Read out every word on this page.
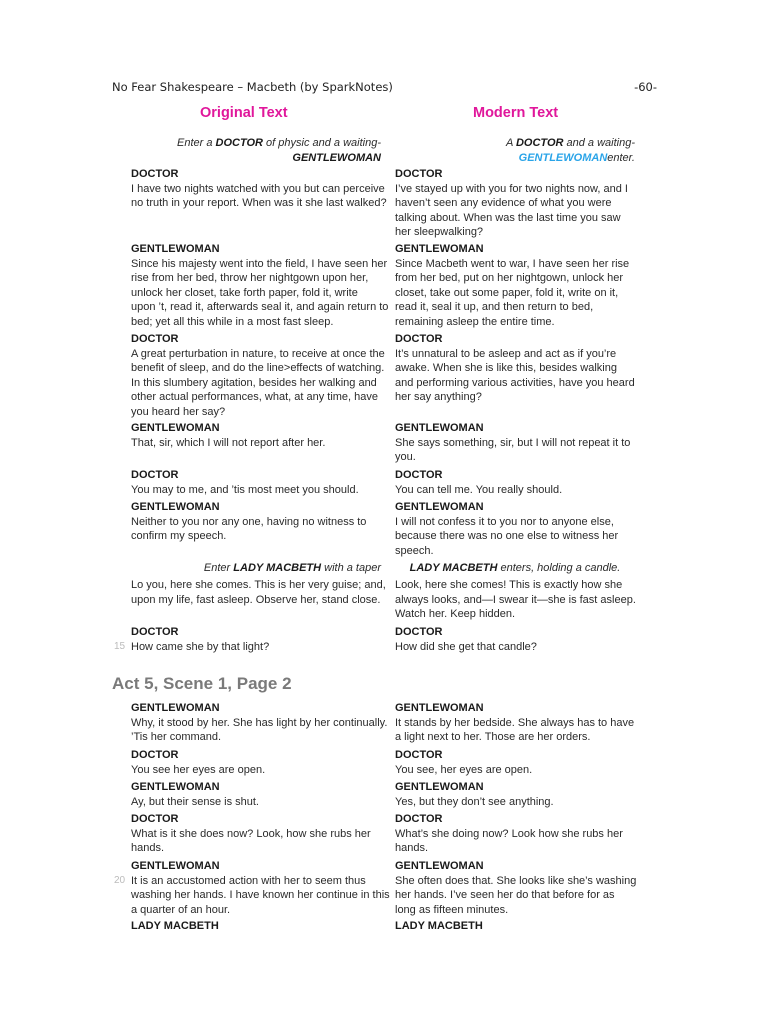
No Fear Shakespeare – Macbeth (by SparkNotes)	-60-
Original Text	Modern Text
Enter a DOCTOR of physic and a waiting-
GENTLEWOMAN
DOCTOR
I have two nights watched with you but can perceive
no truth in your report. When was it she last walked?
GENTLEWOMAN
Since his majesty went into the field, I have seen her
rise from her bed, throw her nightgown upon her,
unlock her closet, take forth paper, fold it, write
upon ’t, read it, afterwards seal it, and again return to
bed; yet all this while in a most fast sleep.
DOCTOR
A great perturbation in nature, to receive at once the
benefit of sleep, and do the line>effects of watching.
In this slumbery agitation, besides her walking and
other actual performances, what, at any time, have
you heard her say?
GENTLEWOMAN
That, sir, which I will not report after her.
DOCTOR
You may to me, and ’tis most meet you should.
GENTLEWOMAN
Neither to you nor any one, having no witness to
confirm my speech.
Enter LADY MACBETH with a taper
Lo you, here she comes. This is her very guise; and,
upon my life, fast asleep. Observe her, stand close.
DOCTOR
15 How came she by that light?
A DOCTOR and a waiting-
GENTLEWOMANenter.
DOCTOR
I’ve stayed up with you for two nights now, and I
haven’t seen any evidence of what you were
talking about. When was the last time you saw
her sleepwalking?
GENTLEWOMAN
Since Macbeth went to war, I have seen her rise
from her bed, put on her nightgown, unlock her
closet, take out some paper, fold it, write on it,
read it, seal it up, and then return to bed,
remaining asleep the entire time.
DOCTOR
It’s unnatural to be asleep and act as if you’re
awake. When she is like this, besides walking
and performing various activities, have you heard
her say anything?
GENTLEWOMAN
She says something, sir, but I will not repeat it to
you.
DOCTOR
You can tell me. You really should.
GENTLEWOMAN
I will not confess it to you nor to anyone else,
because there was no one else to witness her
speech.
LADY MACBETH enters, holding a candle.
Look, here she comes! This is exactly how she
always looks, and—I swear it—she is fast asleep.
Watch her. Keep hidden.
DOCTOR
How did she get that candle?
Act 5, Scene 1, Page 2
GENTLEWOMAN
Why, it stood by her. She has light by her continually.
’Tis her command.
DOCTOR
You see her eyes are open.
GENTLEWOMAN
Ay, but their sense is shut.
DOCTOR
What is it she does now? Look, how she rubs her
hands.
GENTLEWOMAN
20 It is an accustomed action with her to seem thus
washing her hands. I have known her continue in this
a quarter of an hour.
LADY MACBETH
GENTLEWOMAN
It stands by her bedside. She always has to have
a light next to her. Those are her orders.
DOCTOR
You see, her eyes are open.
GENTLEWOMAN
Yes, but they don’t see anything.
DOCTOR
What’s she doing now? Look how she rubs her
hands.
GENTLEWOMAN
She often does that. She looks like she’s washing
her hands. I’ve seen her do that before for as
long as fifteen minutes.
LADY MACBETH
